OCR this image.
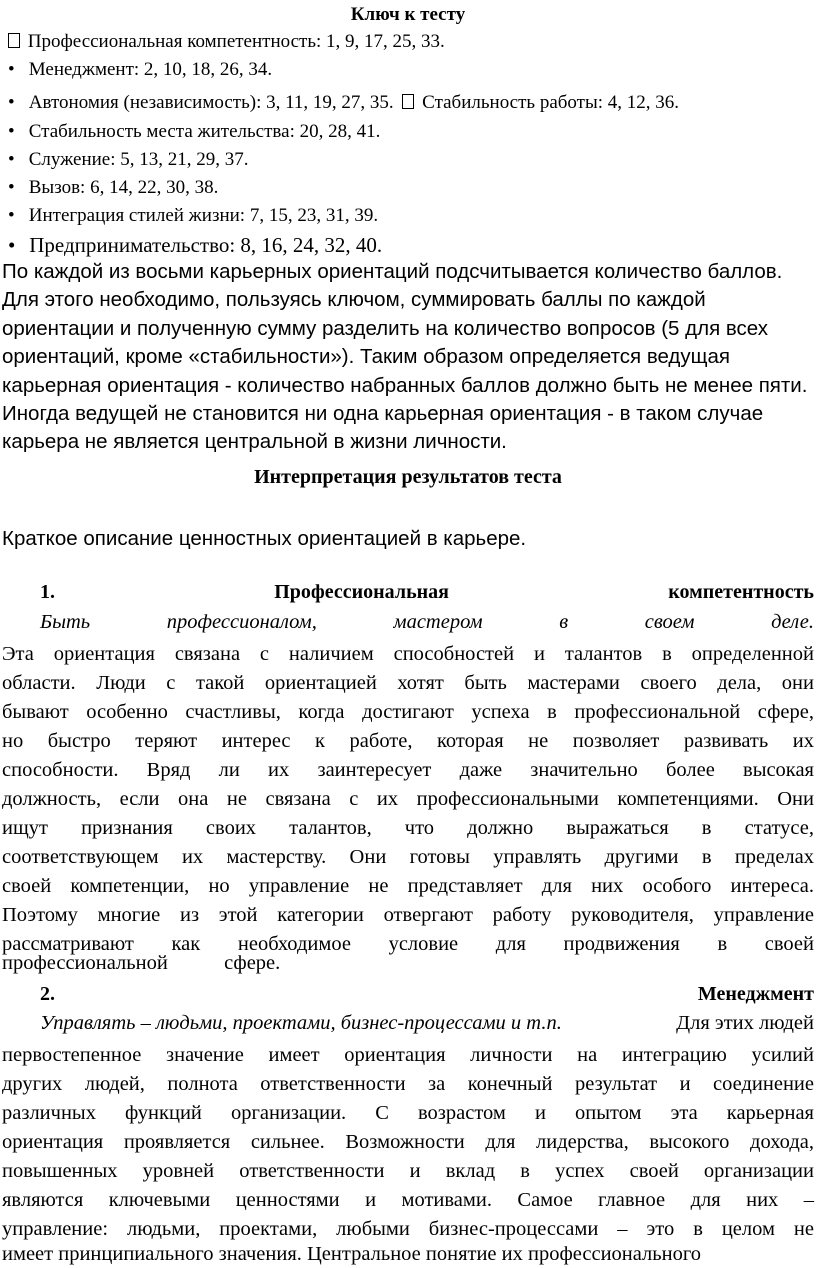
Ключ к тесту
Профессиональная компетентность: 1, 9, 17, 25, 33.
• Менеджмент: 2, 10, 18, 26, 34.
• Автономия (независимость): 3, 11, 19, 27, 35. Стабильность работы: 4, 12, 36.
• Стабильность места жительства: 20, 28, 41.
• Служение: 5, 13, 21, 29, 37.
• Вызов: 6, 14, 22, 30, 38.
• Интеграция стилей жизни: 7, 15, 23, 31, 39.
• Предпринимательство: 8, 16, 24, 32, 40.
По каждой из восьми карьерных ориентаций подсчитывается количество баллов. Для этого необходимо, пользуясь ключом, суммировать баллы по каждой ориентации и полученную сумму разделить на количество вопросов (5 для всех ориентаций, кроме «стабильности»). Таким образом определяется ведущая карьерная ориентация - количество набранных баллов должно быть не менее пяти. Иногда ведущей не становится ни одна карьерная ориентация - в таком случае карьера не является центральной в жизни личности.
Интерпретация результатов теста
Краткое описание ценностных ориентацией в карьере.
1.	Профессиональная	компетентность
Быть	профессионалом,	мастером	в	своем	деле.
Эта ориентация связана с наличием способностей и талантов в определенной
области. Люди с такой ориентацией хотят быть мастерами своего дела, они
бывают особенно счастливы, когда достигают успеха в профессиональной сфере,
но быстро теряют интерес к работе, которая не позволяет развивать их
способности. Вряд ли их заинтересует даже значительно более высокая
должность, если она не связана с их профессиональными компетенциями. Они
ищут признания своих талантов, что должно выражаться в статусе,
соответствующем их мастерству. Они готовы управлять другими в пределах
своей компетенции, но управление не представляет для них особого интереса.
Поэтому многие из этой категории отвергают работу руководителя, управление
рассматривают как необходимое условие для продвижения в своей
профессиональной	сфере.
2.	Менеджмент
Управлять – людьми, проектами, бизнес-процессами и т.п.	Для этих людей
первостепенное значение имеет ориентация личности на интеграцию усилий
других людей, полнота ответственности за конечный результат и соединение
различных функций организации. С возрастом и опытом эта карьерная
ориентация проявляется сильнее. Возможности для лидерства, высокого дохода,
повышенных уровней ответственности и вклад в успех своей организации
являются ключевыми ценностями и мотивами. Самое главное для них –
управление: людьми, проектами, любыми бизнес-процессами – это в целом не
имеет принципиального значения. Центральное понятие их профессионального
